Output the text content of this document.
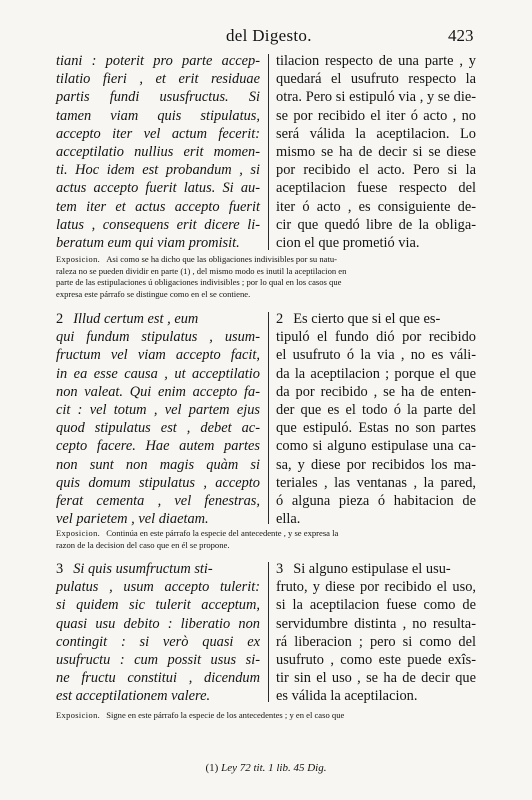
del Digesto.	423
tiani : poterit pro parte accep-
tilatio fieri , et erit residuae
partis fundi ususfructus. Si
tamen viam quis stipulatus,
accepto iter vel actum fecerit:
acceptilatio nullius erit momen-
ti. Hoc idem est probandum , si
actus accepto fuerit latus. Si au-
tem iter et actus accepto fuerit
latus , consequens erit dicere li-
beratum eum qui viam promisit.
tilacion respecto de una parte , y
quedará el usufruto respecto la
otra. Pero si estipuló via , y se die-
se por recibido el iter ó acto , no
será válida la aceptilacion. Lo
mismo se ha de decir si se diese
por recibido el acto. Pero si la
aceptilacion fuese respecto del
iter ó acto , es consiguiente de-
cir que quedó libre de la obliga-
cion el que prometió via.
Exposicion. Asi como se ha dicho que las obligaciones indivisibles por su natu-
raleza no se pueden dividir en parte (1) , del mismo modo es inutil la aceptilacion en
parte de las estipulaciones ú obligaciones indivisibles ; por lo qual en los casos que
expresa este párrafo se distingue como en el se contiene.
2 Illud certum est , eum
qui fundum stipulatus , usum-
fructum vel viam accepto facit,
in ea esse causa , ut acceptilatio
non valeat. Qui enim accepto fa-
cit : vel totum , vel partem ejus
quod stipulatus est , debet ac-
cepto facere. Hae autem partes
non sunt non magis quàm si
quis domum stipulatus , accepto
ferat cementa , vel fenestras,
vel parietem , vel diaetam.
2 Es cierto que si el que es-
tipuló el fundo dió por recibido
el usufruto ó la via , no es váli-
da la aceptilacion ; porque el que
da por recibido , se ha de enten-
der que es el todo ó la parte del
que estipuló. Estas no son partes
como si alguno estipulase una ca-
sa, y diese por recibidos los ma-
teriales , las ventanas , la pared,
ó alguna pieza ó habitacion de
ella.
Exposicion. Continúa en este párrafo la especie del antecedente , y se expresa la
razon de la decision del caso que en él se propone.
3 Si quis usumfructum sti-
pulatus , usum accepto tulerit:
si quidem sic tulerit acceptum,
quasi usu debito : liberatio non
contingit : si verò quasi ex
usufructu : cum possit usus si-
ne fructu constitui , dicendum
est acceptilationem valere.
3 Si alguno estipulase el usu-
fruto, y diese por recibido el uso,
si la aceptilacion fuese como de
servidumbre distinta , no resulta-
rá liberacion ; pero si como del
usufruto , como este puede exîs-
tir sin el uso , se ha de decir que
es válida la aceptilacion.
Exposicion. Signe en este párrafo la especie de los antecedentes ; y en el caso que
(1) Ley 72 tit. 1 lib. 45 Dig.
